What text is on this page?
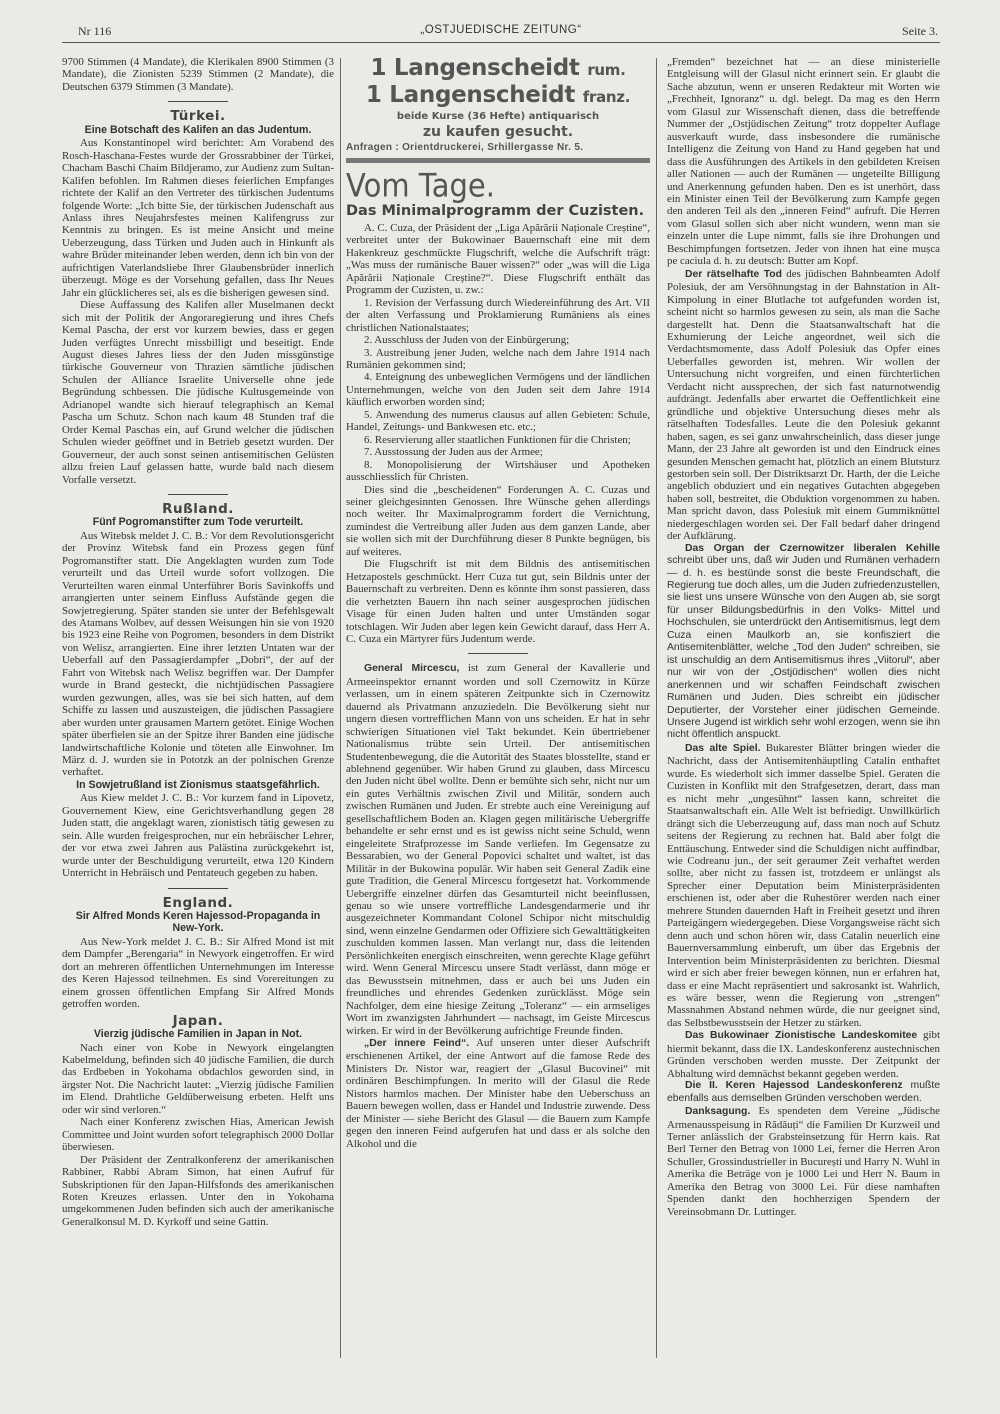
Nr 116	„OSTJUEDISCHE ZEITUNG“	Seite 3.

9700 Stimmen (4 Mandate), die Klerikalen 8900 Stimmen (3 Mandate), die Zionisten 5239 Stimmen (2 Mandate), die Deutschen 6379 Stimmen (3 Mandate).

Türkei.
Eine Botschaft des Kalifen an das Judentum.

Aus Konstantinopel wird berichtet: Am Vorabend des Rosch-Haschana-Festes wurde der Grossrabbiner der Türkei, Chacham Baschi Chaim Bildjeramo, zur Audienz zum Sultan-Kalifen befohlen. Im Rahmen dieses feierlichen Empfanges richtete der Kalif an den Vertreter des türkischen Judentums folgende Worte: „Ich bitte Sie, der türkischen Judenschaft aus Anlass ihres Neujahrsfestes meinen Kalifengruss zur Kenntnis zu bringen. Es ist meine Ansicht und meine Ueberzeugung, dass Türken und Juden auch in Hinkunft als wahre Brüder miteinander leben werden, denn ich bin von der aufrichtigen Vaterlandsliebe Ihrer Glaubensbrüder innerlich überzeugt. Möge es der Vorsehung gefallen, dass Ihr Neues Jahr ein glücklicheres sei, als es die bisherigen gewesen sind.

Diese Auffassung des Kalifen aller Muselmanen deckt sich mit der Politik der Angoraregierung und ihres Chefs Kemal Pascha, der erst vor kurzem bewies, dass er gegen Juden verfügtes Unrecht missbilligt und beseitigt. Ende August dieses Jahres liess der den Juden missgünstige türkische Gouverneur von Thrazien sämtliche jüdischen Schulen der Alliance Israelite Universelle ohne jede Begründung schbessen. Die jüdische Kultusgemeinde von Adrianopel wandte sich hierauf telegraphisch an Kemal Pascha um Schutz. Schon nach kaum 48 Stunden traf die Order Kemal Paschas ein, auf Grund welcher die jüdischen Schulen wieder geöffnet und in Betrieb gesetzt wurden. Der Gouverneur, der auch sonst seinen antisemitischen Gelüsten allzu freien Lauf gelassen hatte, wurde bald nach diesem Vorfalle versetzt.

Rußland.
Fünf Pogromanstifter zum Tode verurteilt.

Aus Witebsk meldet J. C. B.: Vor dem Revolutionsgericht der Provinz Witebsk fand ein Prozess gegen fünf Pogromanstifter statt. Die Angeklagten wurden zum Tode verurteilt und das Urteil wurde sofort vollzogen. Die Verurteilten waren einmal Unterführer Boris Savinkoffs und arrangierten unter seinem Einfluss Aufstände gegen die Sowjetregierung. Später standen sie unter der Befehlsgewalt des Atamans Wolbev, auf dessen Weisungen hin sie von 1920 bis 1923 eine Reihe von Pogromen, besonders in dem Distrikt von Welisz, arrangierten. Eine ihrer letzten Untaten war der Ueberfall auf den Passagierdampfer „Dobri“, der auf der Fahrt von Witebsk nach Welisz begriffen war. Der Dampfer wurde in Brand gesteckt, die nichtjüdischen Passagiere wurden gezwungen, alles, was sie bei sich hatten, auf dem Schiffe zu lassen und auszusteigen, die jüdischen Passagiere aber wurden unter grausamen Martern getötet. Einige Wochen später überfielen sie an der Spitze ihrer Banden eine jüdische landwirtschaftliche Kolonie und töteten alle Einwohner. Im März d. J. wurden sie in Pototzk an der polnischen Grenze verhaftet.

In Sowjetrußland ist Zionismus staatsgefährlich.

Aus Kiew meldet J. C. B.: Vor kurzem fand in Lipovetz, Gouvernement Kiew, eine Gerichtsverhandlung gegen 28 Juden statt, die angeklagt waren, zionistisch tätig gewesen zu sein. Alle wurden freigesprochen, nur ein hebräischer Lehrer, der vor etwa zwei Jahren aus Palästina zurückgekehrt ist, wurde unter der Beschuldigung verurteilt, etwa 120 Kindern Unterricht in Hebräisch und Pentateuch gegeben zu haben.

England.
Sir Alfred Monds Keren Hajessod-Propaganda in New-York.

Aus New-York meldet J. C. B.: Sir Alfred Mond ist mit dem Dampfer „Berengaria“ in Newyork eingetroffen. Er wird dort an mehreren öffentlichen Unternehmungen im Interesse des Keren Hajessod teilnehmen. Es sind Vorereitungen zu einem grossen öffentlichen Empfang Sir Alfred Monds getroffen worden.

Japan.
Vierzig jüdische Familien in Japan in Not.

Nach einer von Kobe in Newyork eingelangten Kabelmeldung, befinden sich 40 jüdische Familien, die durch das Erdbeben in Yokohama obdachlos geworden sind, in ärgster Not. Die Nachricht lautet: „Vierzig jüdische Familien im Elend. Drahtliche Geldüberweisung erbeten. Helft uns oder wir sind verloren.“

Nach einer Konferenz zwischen Hias, American Jewish Committee und Joint wurden sofort telegraphisch 2000 Dollar überwiesen.

Der Präsident der Zentralkonferenz der amerikanischen Rabbiner, Rabbi Abram Simon, hat einen Aufruf für Subskriptionen für den Japan-Hilfsfonds des amerikanischen Roten Kreuzes erlassen. Unter den in Yokohama umgekommenen Juden befinden sich auch der amerikanische Generalkonsul M. D. Kyrkoff und seine Gattin.

1 Langenscheidt rum.
1 Langenscheidt franz.
beide Kurse (36 Hefte) antiquarisch
zu kaufen gesucht.
Anfragen : Orientdruckerei, Srhillergasse Nr. 5.
Vom Tage.
Das Minimalprogramm der Cuzisten.

A. C. Cuza, der Präsident der „Liga Apărării Naționale Creștine“, verbreitet unter der Bukowinaer Bauernschaft eine mit dem Hakenkreuz geschmückte Flugschrift, welche die Aufschrift trägt: „Was muss der rumänische Bauer wissen?“ oder „was will die Liga Apărării Naționale Creștine?“. Diese Flugschrift enthält das Programm der Cuzisten, u. zw.:

1. Revision der Verfassung durch Wiedereinführung des Art. VII der alten Verfassung und Proklamierung Rumäniens als eines christlichen Nationalstaates;

2. Ausschluss der Juden von der Einbürgerung;

3. Austreibung jener Juden, welche nach dem Jahre 1914 nach Rumänien gekommen sind;

4. Enteignung des unbeweglichen Vermögens und der ländlichen Unternehmungen, welche von den Juden seit dem Jahre 1914 käuflich erworben worden sind;

5. Anwendung des numerus clausus auf allen Gebieten: Schule, Handel, Zeitungs- und Bankwesen etc. etc.;

6. Reservierung aller staatlichen Funktionen für die Christen;

7. Ausstossung der Juden aus der Armee;

8. Monopolisierung der Wirtshäuser und Apotheken ausschliesslich für Christen.

Dies sind die „bescheidenen“ Forderungen A. C. Cuzas und seiner gleichgesinnten Genossen. Ihre Wünsche gehen allerdings noch weiter. Ihr Maximalprogramm fordert die Vernichtung, zumindest die Vertreibung aller Juden aus dem ganzen Lande, aber sie wollen sich mit der Durchführung dieser 8 Punkte begnügen, bis auf weiteres.

Die Flugschrift ist mit dem Bildnis des antisemitischen Hetzapostels geschmückt. Herr Cuza tut gut, sein Bildnis unter der Bauernschaft zu verbreiten. Denn es könnte ihm sonst passieren, dass die verhetzten Bauern ihn nach seiner ausgesprochen jüdischen Visage für einen Juden halten und unter Umständen sogar totschlagen. Wir Juden aber legen kein Gewicht darauf, dass Herr A. C. Cuza ein Märtyrer fürs Judentum werde.

General Mircescu, ist zum General der Kavallerie und Armeeinspektor ernannt worden und soll Czernowitz in Kürze verlassen, um in einem späteren Zeitpunkte sich in Czernowitz dauernd als Privatmann anzuziedeln. Die Bevölkerung sieht nur ungern diesen vortrefflichen Mann von uns scheiden. Er hat in sehr schwierigen Situationen viel Takt bekundet. Kein übertriebener Nationalismus trübte sein Urteil. Der antisemitischen Studentenbewegung, die die Autorität des Staates blosstellte, stand er ablehnend gegenüber. Wir haben Grund zu glauben, dass Mircescu den Juden nicht übel wollte. Denn er bemühte sich sehr, nicht nur um ein gutes Verhältnis zwischen Zivil und Militär, sondern auch zwischen Rumänen und Juden. Er strebte auch eine Vereinigung auf gesellschaftlichem Boden an. Klagen gegen militärische Uebergriffe behandelte er sehr ernst und es ist gewiss nicht seine Schuld, wenn eingeleitete Strafprozesse im Sande verliefen. Im Gegensatze zu Bessarabien, wo der General Popovici schaltet und waltet, ist das Militär in der Bukowina populär. Wir haben seit General Zadik eine gute Tradition, die General Mircescu fortgesetzt hat. Vorkommende Uebergriffe einzelner dürfen das Gesamturteil nicht beeinflussen, genau so wie unsere vortreffliche Landesgendarmerie und ihr ausgezeichneter Kommandant Colonel Schipor nicht mitschuldig sind, wenn einzelne Gendarmen oder Offiziere sich Gewalttätigkeiten zuschulden kommen lassen. Man verlangt nur, dass die leitenden Persönlichkeiten energisch einschreiten, wenn gerechte Klage geführt wird. Wenn General Mircescu unsere Stadt verlässt, dann möge er das Bewusstsein mitnehmen, dass er auch bei uns Juden ein freundliches und ehrendes Gedenken zurücklässt. Möge sein Nachfolger, dem eine hiesige Zeitung „Toleranz“ — ein armseliges Wort im zwanzigsten Jahrhundert — nachsagt, im Geiste Mircescus wirken. Er wird in der Bevölkerung aufrichtige Freunde finden.

„Der innere Feind“. Auf unseren unter dieser Aufschrift erschienenen Artikel, der eine Antwort auf die famose Rede des Ministers Dr. Nistor war, reagiert der „Glasul Bucovinei“ mit ordinären Beschimpfungen. In merito will der Glasul die Rede Nistors harmlos machen. Der Minister habe den Ueberschuss an Bauern bewegen wollen, dass er Handel und Industrie zuwende. Dess der Minister — siehe Bericht des Glasul — die Bauern zum Kampfe gegen den inneren Feind aufgerufen hat und dass er als solche den Alkohol und die

„Fremden“ bezeichnet hat — an diese ministerielle Entgleisung will der Glasul nicht erinnert sein. Er glaubt die Sache abzutun, wenn er unseren Redakteur mit Worten wie „Frechheit, Ignoranz“ u. dgl. belegt. Da mag es den Herrn vom Glasul zur Wissenschaft dienen, dass die betreffende Nummer der „Ostjüdischen Zeitung“ trotz doppelter Auflage ausverkauft wurde, dass insbesondere die rumänische Intelligenz die Zeitung von Hand zu Hand gegeben hat und dass die Ausführungen des Artikels in den gebildeten Kreisen aller Nationen — auch der Rumänen — ungeteilte Billigung und Anerkennung gefunden haben. Den es ist unerhört, dass ein Minister einen Teil der Bevölkerung zum Kampfe gegen den anderen Teil als den „inneren Feind“ aufruft. Die Herren vom Glasul sollen sich aber nicht wundern, wenn man sie einzeln unter die Lupe nimmt, falls sie ihre Drohungen und Beschimpfungen fortsetzen. Jeder von ihnen hat eine mușca pe caciula d. h. zu deutsch: Butter am Kopf.

Der rätselhafte Tod des jüdischen Bahnbeamten Adolf Polesiuk, der am Versöhnungstag in der Bahnstation in Alt-Kimpolung in einer Blutlache tot aufgefunden worden ist, scheint nicht so harmlos gewesen zu sein, als man die Sache dargestellt hat. Denn die Staatsanwaltschaft hat die Exhumierung der Leiche angeordnet, weil sich die Verdachtsmomente, dass Adolf Polesiuk das Opfer eines Ueberfalles geworden ist, mehren. Wir wollen der Untersuchung nicht vorgreifen, und einen fürchterlichen Verdacht nicht aussprechen, der sich fast naturnotwendig aufdrängt. Jedenfalls aber erwartet die Oeffentlichkeit eine gründliche und objektive Untersuchung dieses mehr als rätselhaften Todesfalles. Leute die den Polesiuk gekannt haben, sagen, es sei ganz unwahrscheinlich, dass dieser junge Mann, der 23 Jahre alt geworden ist und den Eindruck eines gesunden Menschen gemacht hat, plötzlich an einem Blutsturz gestorben sein soll. Der Distriktsarzt Dr. Harth, der die Leiche angeblich obduziert und ein negatives Gutachten abgegeben haben soll, bestreitet, die Obduktion vorgenommen zu haben. Man spricht davon, dass Polesiuk mit einem Gummiknüttel niedergeschlagen worden sei. Der Fall bedarf daher dringend der Aufklärung.

Das Organ der Czernowitzer liberalen Kehille schreibt über uns, daß wir Juden und Rumänen verhadern — d. h. es bestünde sonst die beste Freundschaft, die Regierung tue doch alles, um die Juden zufriedenzustellen, sie liest uns unsere Wünsche von den Augen ab, sie sorgt für unser Bildungsbedürfnis in den Volks- Mittel und Hochschulen, sie unterdrückt den Antisemitismus, legt dem Cuza einen Maulkorb an, sie konfisziert die Antisemitenblätter, welche „Tod den Juden“ schreiben, sie ist unschuldig an dem Antisemitismus ihres „Viitorul“, aber nur wir von der „Ostjüdischen“ wollen dies nicht anerkennen und wir schaffen Feindschaft zwischen Rumänen und Juden. Dies schreibt ein jüdischer Deputierter, der Vorsteher einer jüdischen Gemeinde. Unsere Jugend ist wirklich sehr wohl erzogen, wenn sie ihn nicht öffentlich anspuckt.

Das alte Spiel. Bukarester Blätter bringen wieder die Nachricht, dass der Antisemitenhäuptling Catalin enthaftet wurde. Es wiederholt sich immer dasselbe Spiel. Geraten die Cuzisten in Konflikt mit den Strafgesetzen, derart, dass man es nicht mehr „ungesühnt“ lassen kann, schreitet die Staatsanwaltschaft ein. Alle Welt ist befriedigt. Unwillkürlich drängt sich die Ueberzeugung auf, dass man noch auf Schutz seitens der Regierung zu rechnen hat. Bald aber folgt die Enttäuschung. Entweder sind die Schuldigen nicht auffindbar, wie Codreanu jun., der seit geraumer Zeit verhaftet werden sollte, aber nicht zu fassen ist, trotzdeem er unlängst als Sprecher einer Deputation beim Ministerpräsidenten erschienen ist, oder aber die Ruhestörer werden nach einer mehrere Stunden dauernden Haft in Freiheit gesetzt und ihren Parteigängern wiedergegeben. Diese Vorgangsweise rächt sich denn auch und schon hören wir, dass Catalin neuerlich eine Bauernversammlung einberuft, um über das Ergebnis der Intervention beim Ministerpräsidenten zu berichten. Diesmal wird er sich aber freier bewegen können, nun er erfahren hat, dass er eine Macht repräsentiert und sakrosankt ist. Wahrlich, es wäre besser, wenn die Regierung von „strengen“ Massnahmen Abstand nehmen würde, die nur geeignet sind, das Selbstbewusstsein der Hetzer zu stärken.

Das Bukowinaer Zionistische Landeskomitee gibt hiermit bekannt, dass die IX. Landeskonferenz austechnischen Gründen verschoben werden musste. Der Zeitpunkt der Abhaltung wird demnächst bekannt gegeben werden.

Die II. Keren Hajessod Landeskonferenz mußte ebenfalls aus demselben Gründen verschoben werden.

Danksagung. Es spendeten dem Vereine „Jüdische Armenausspeisung in Rădăuți“ die Familien Dr Kurzweil und Terner anlässlich der Grabsteinsetzung für Herrn kais. Rat Berl Terner den Betrag von 1000 Lei, ferner die Herren Aron Schuller, Grossindustrieller in București und Harry N. Wuhl in Amerika die Beträge von je 1000 Lei und Herr N. Baum in Amerika den Betrag von 3000 Lei. Für diese namhaften Spenden dankt den hochherzigen Spendern der Vereinsobmann Dr. Luttinger.
